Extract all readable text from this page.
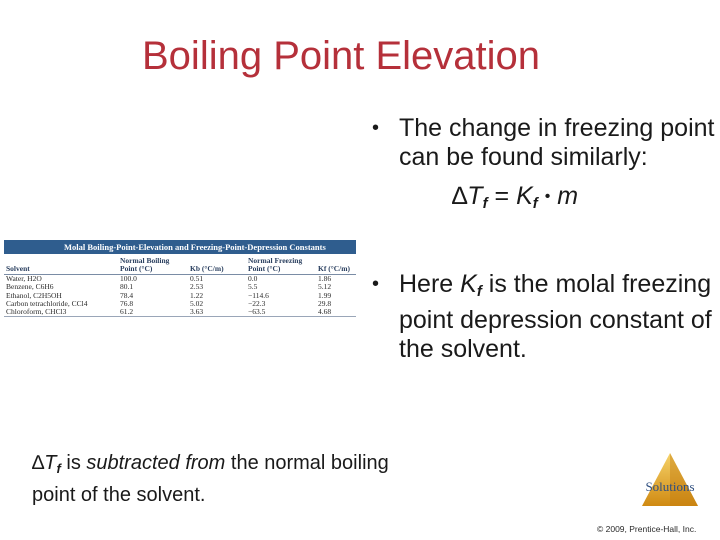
Boiling Point Elevation
• The change in freezing point can be found similarly:
$\Delta T_f = K_f$ • m
• Here $K_f$ is the molal freezing point depression constant of the solvent.
Molal Boiling-Point-Elevation and Freezing-Point-Depression Constants
Solvent	Normal Boiling Point (°C)	Kb (°C/m)	Normal Freezing Point (°C)	Kf (°C/m)
Water, H2O	100.0	0.51	0.0	1.86
Benzene, C6H6	80.1	2.53	5.5	5.12
Ethanol, C2H5OH	78.4	1.22	−114.6	1.99
Carbon tetrachloride, CCl4	76.8	5.02	−22.3	29.8
Chloroform, CHCl3	61.2	3.63	−63.5	4.68
$\Delta T_f$ is subtracted from the normal boiling point of the solvent.	Solutions
© 2009, Prentice-Hall, Inc.
